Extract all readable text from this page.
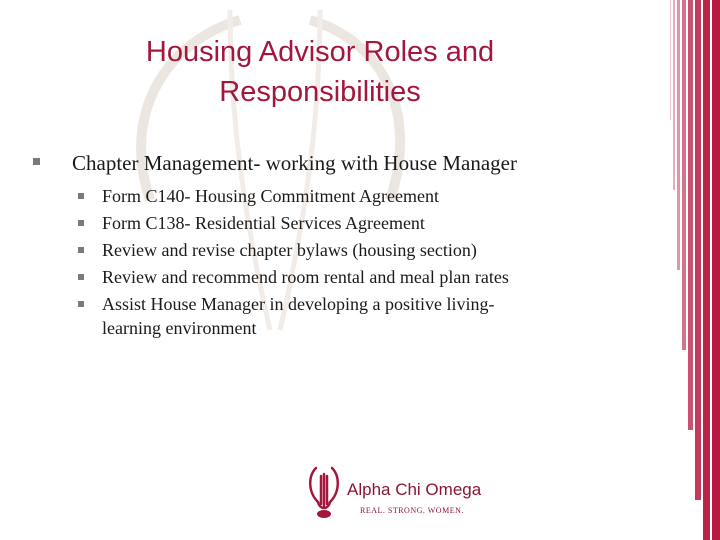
Housing Advisor Roles and Responsibilities
Chapter Management- working with House Manager
Form C140- Housing Commitment Agreement
Form C138- Residential Services Agreement
Review and revise chapter bylaws (housing section)
Review and recommend room rental and meal plan rates
Assist House Manager in developing a positive living-learning environment
Alpha Chi Omega
REAL. STRONG. WOMEN.
